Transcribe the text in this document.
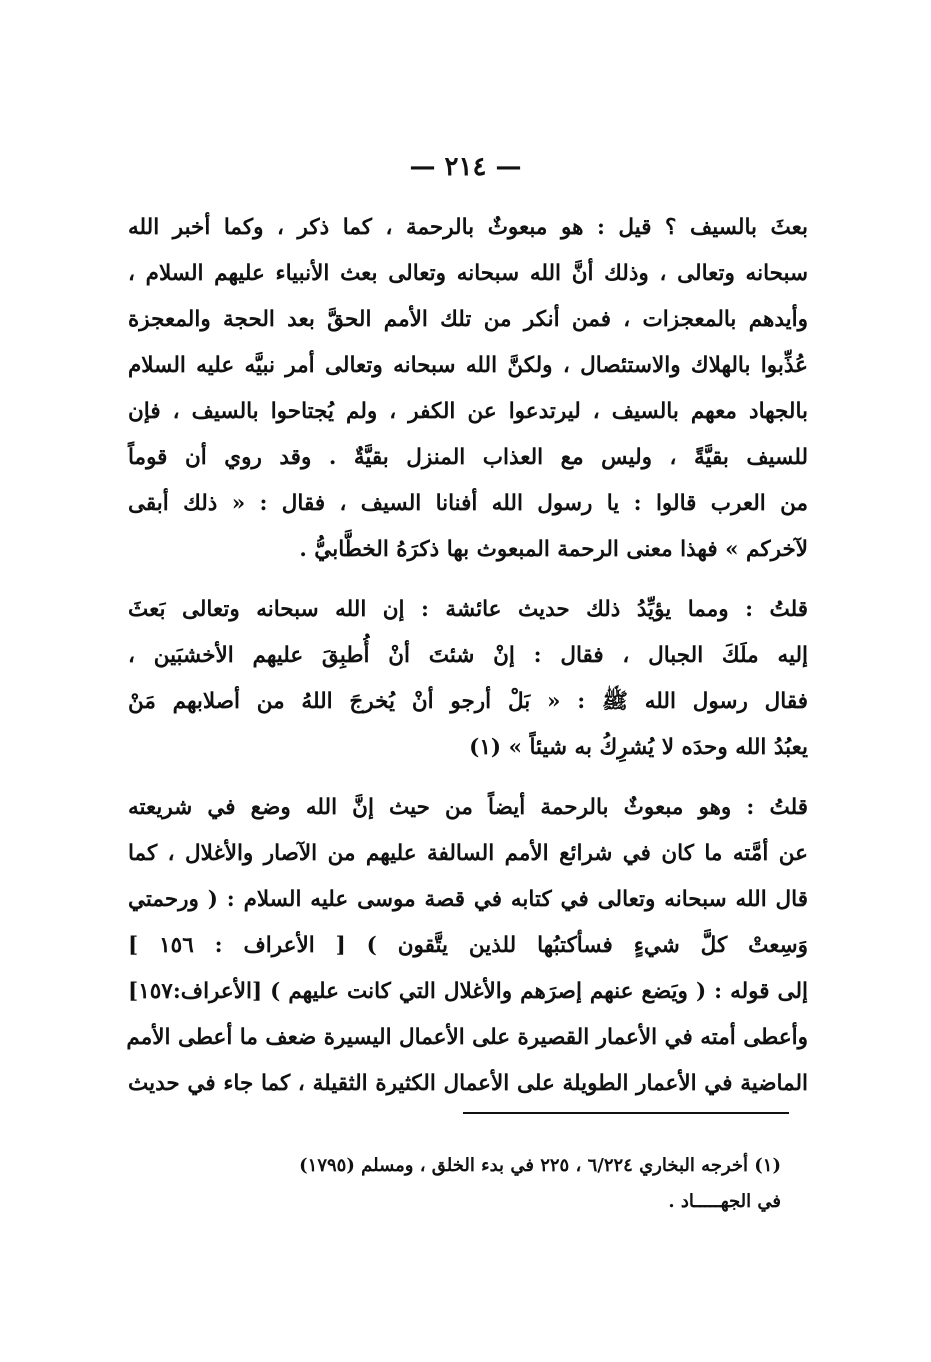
— ٢١٤ —
بعثَ بالسيف ؟ قيل : هو مبعوثٌ بالرحمة ، كما ذكر ، وكما أخبر الله
سبحانه وتعالى ، وذلك أنَّ الله سبحانه وتعالى بعث الأنبياء عليهم السلام ،
وأيدهم بالمعجزات ، فمن أنكر من تلك الأمم الحقَّ بعد الحجة والمعجزة
عُذِّبوا بالهلاك والاستئصال ، ولكنَّ الله سبحانه وتعالى أمر نبيَّه عليه السلام
بالجهاد معهم بالسيف ، ليرتدعوا عن الكفر ، ولم يُجتاحوا بالسيف ، فإن
للسيف بقيَّةً ، وليس مع العذاب المنزل بقيَّةٌ . وقد روي أن قوماً
من العرب قالوا : يا رسول الله أفنانا السيف ، فقال : « ذلك أبقى
لآخركم » فهذا معنى الرحمة المبعوث بها ذكرَهُ الخطَّابيُّ .
قلتُ : ومما يؤيِّدُ ذلك حديث عائشة : إن الله سبحانه وتعالى بَعثَ
إليه ملَكَ الجبال ، فقال : إنْ شئتَ أنْ أُطبِقَ عليهم الأخشبَين ،
فقال رسول الله ﷺ : « بَلْ أرجو أنْ يُخرجَ اللهُ من أصلابهم مَنْ
يعبُدُ الله وحدَه لا يُشرِكُ به شيئاً » (١)
قلتُ : وهو مبعوثٌ بالرحمة أيضاً من حيث إنَّ الله وضع في شريعته
عن أمَّته ما كان في شرائع الأمم السالفة عليهم من الآصار والأغلال ، كما
قال الله سبحانه وتعالى في كتابه في قصة موسى عليه السلام : ( ورحمتي
وَسِعتْ كلَّ شيءٍ فسأكتبُها للذين يتَّقون ) [ الأعراف : ١٥٦ ]
إلى قوله : ( ويَضع عنهم إصرَهم والأغلال التي كانت عليهم ) [الأعراف:١٥٧]
وأعطى أمته في الأعمار القصيرة على الأعمال اليسيرة ضعف ما أعطى الأمم
الماضية في الأعمار الطويلة على الأعمال الكثيرة الثقيلة ، كما جاء في حديث
(١) أخرجه البخاري ٦/٢٢٤ ، ٢٢٥ في بدء الخلق ، ومسلم (١٧٩٥)
في الجهـــــاد .
